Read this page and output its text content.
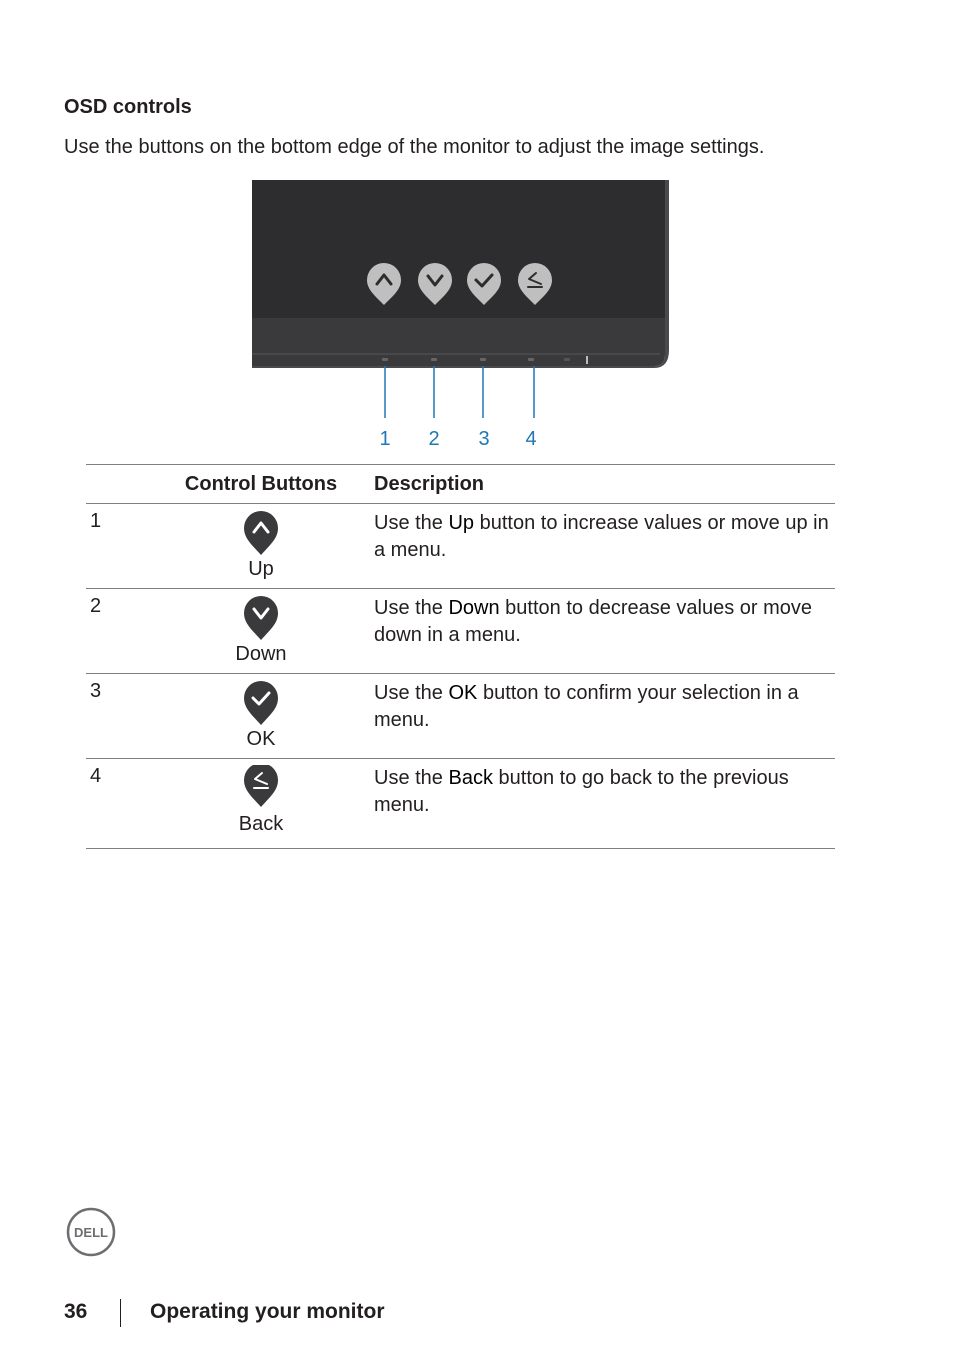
OSD controls

Use the buttons on the bottom edge of the monitor to adjust the image settings.

1 2 3 4
	Control Buttons	Description
1	Up	Use the Up button to increase values or move up in a menu.
2	Down	Use the Down button to decrease values or move down in a menu.
3	OK	Use the OK button to confirm your selection in a menu.
4	Back	Use the Back button to go back to the previous menu.
DELL
36	Operating your monitor
